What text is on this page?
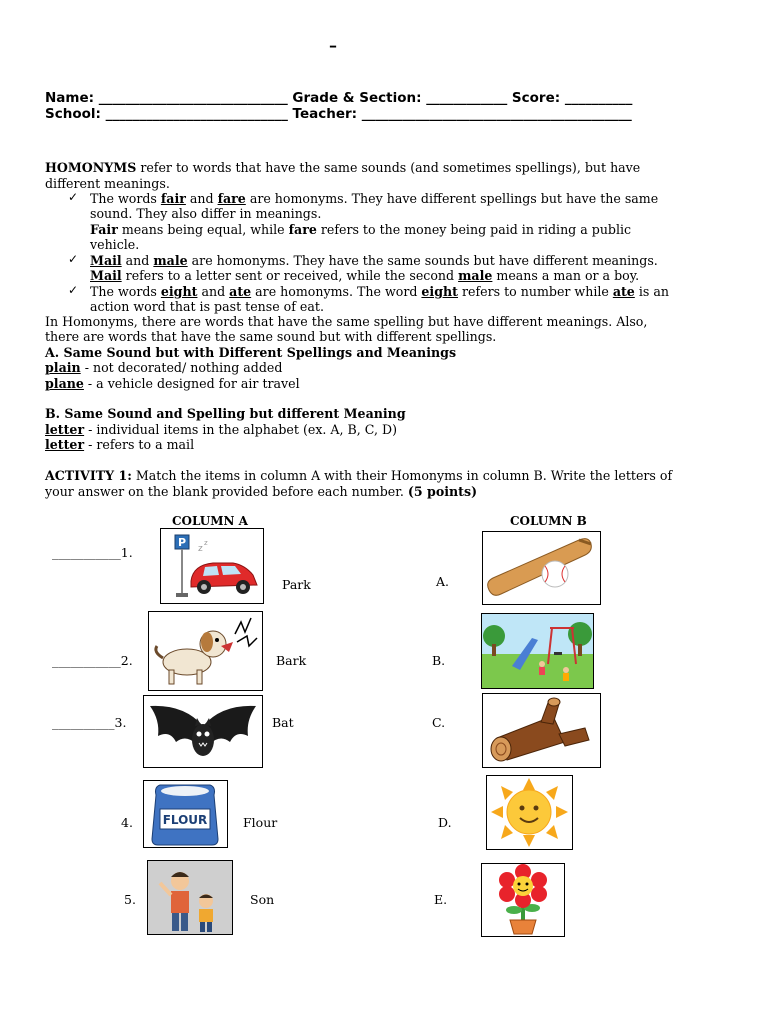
–
Name: ____________________________ Grade & Section: ____________ Score: __________
School: ___________________________ Teacher: ________________________________________
HOMONYMS refer to words that have the same sounds (and sometimes spellings), but have
different meanings.
✓ The words fair and fare are homonyms. They have different spellings but have the same
sound. They also differ in meanings.
Fair means being equal, while fare refers to the money being paid in riding a public
vehicle.
✓ Mail and male are homonyms. They have the same sounds but have different meanings.
Mail refers to a letter sent or received, while the second male means a man or a boy.
✓ The words eight and ate are homonyms. The word eight refers to number while ate is an
action word that is past tense of eat.
In Homonyms, there are words that have the same spelling but have different meanings. Also,
there are words that have the same sound but with different spellings.
A. Same Sound but with Different Spellings and Meanings
plain - not decorated/ nothing added
plane - a vehicle designed for air travel
B. Same Sound and Spelling but different Meaning
letter - individual items in the alphabet (ex. A, B, C, D)
letter - refers to a mail
ACTIVITY 1: Match the items in column A with their Homonyms in column B. Write the letters of
your answer on the blank provided before each number. (5 points)
COLUMN A	COLUMN B
___________1.
___________2.
__________3.
4.
5.
Park
Bark
Bat
Flour
Son
A.
B.
C.
D.
E.
P z
z
FLOUR
